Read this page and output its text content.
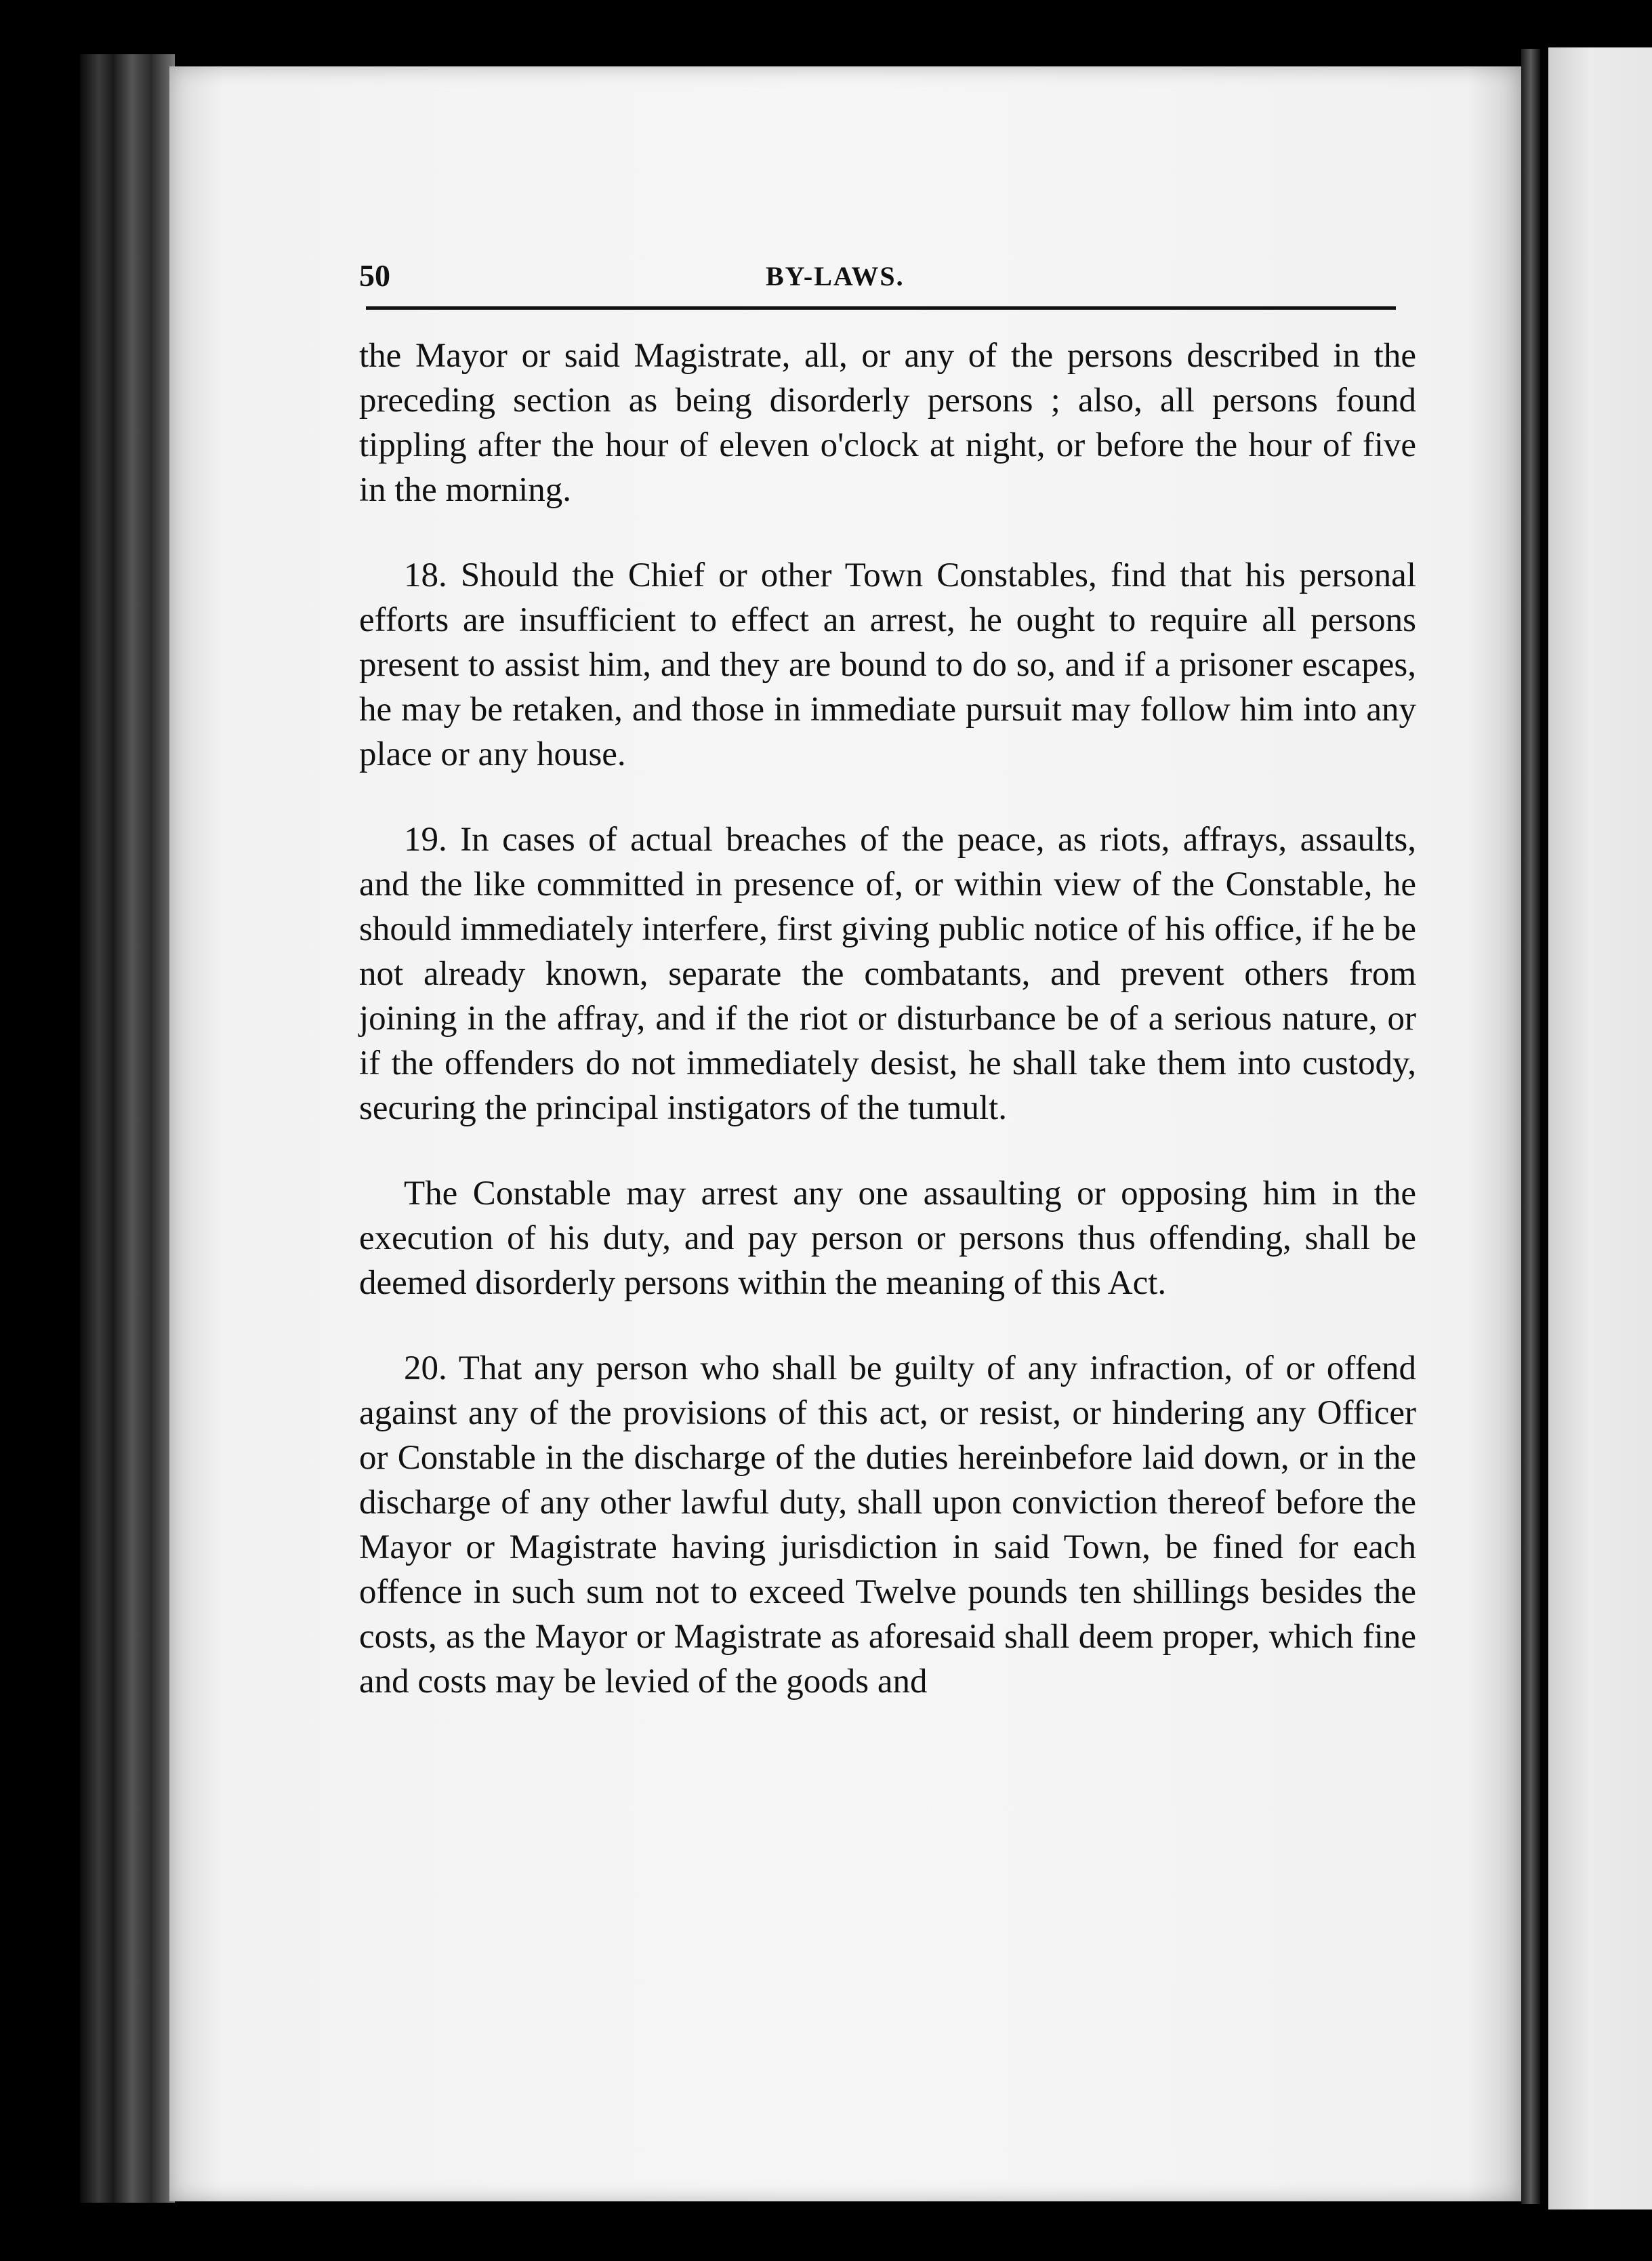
50	BY-LAWS.

the Mayor or said Magistrate, all, or any of the persons described in the preceding section as being disorderly persons ; also, all persons found tippling after the hour of eleven o'clock at night, or before the hour of five in the morning.

18. Should the Chief or other Town Constables, find that his personal efforts are insufficient to effect an arrest, he ought to require all persons present to assist him, and they are bound to do so, and if a prisoner escapes, he may be retaken, and those in immediate pursuit may follow him into any place or any house.

19. In cases of actual breaches of the peace, as riots, affrays, assaults, and the like committed in presence of, or within view of the Constable, he should immediately interfere, first giving public notice of his office, if he be not already known, separate the combatants, and prevent others from joining in the affray, and if the riot or disturbance be of a serious nature, or if the offenders do not immediately desist, he shall take them into custody, securing the principal instigators of the tumult.

The Constable may arrest any one assaulting or opposing him in the execution of his duty, and pay person or persons thus offending, shall be deemed disorderly persons within the meaning of this Act.

20. That any person who shall be guilty of any infraction, of or offend against any of the provisions of this act, or resist, or hindering any Officer or Constable in the discharge of the duties hereinbefore laid down, or in the discharge of any other lawful duty, shall upon conviction thereof before the Mayor or Magistrate having jurisdiction in said Town, be fined for each offence in such sum not to exceed Twelve pounds ten shillings besides the costs, as the Mayor or Magistrate as aforesaid shall deem proper, which fine and costs may be levied of the goods and
